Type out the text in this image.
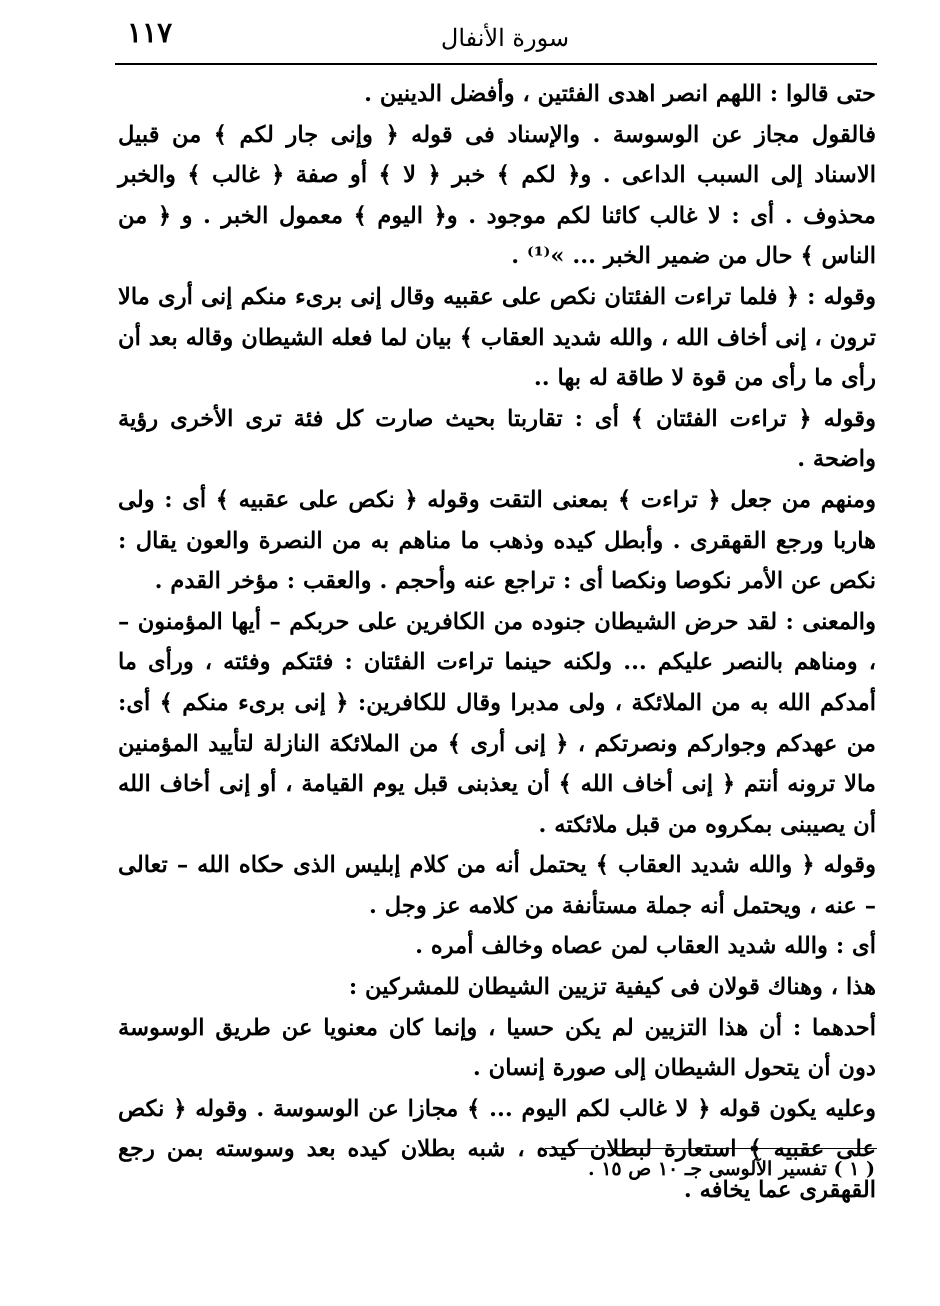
١١٧	سورة الأنفال

حتى قالوا : اللهم انصر اهدى الفئتين ، وأفضل الدينين .

فالقول مجاز عن الوسوسة . والإسناد فى قوله ﴿ وإنى جار لكم ﴾ من قبيل الاسناد إلى السبب الداعى . و﴿ لكم ﴾ خبر ﴿ لا ﴾ أو صفة ﴿ غالب ﴾ والخبر محذوف . أى : لا غالب كائنا لكم موجود . و﴿ اليوم ﴾ معمول الخبر . و ﴿ من الناس ﴾ حال من ضمير الخبر ... »⁽¹⁾ .

وقوله : ﴿ فلما تراءت الفئتان نكص على عقبيه وقال إنى برىء منكم إنى أرى مالا ترون ، إنى أخاف الله ، والله شديد العقاب ﴾ بيان لما فعله الشيطان وقاله بعد أن رأى ما رأى من قوة لا طاقة له بها ..

وقوله ﴿ تراءت الفئتان ﴾ أى : تقاربتا بحيث صارت كل فئة ترى الأخرى رؤية واضحة .

ومنهم من جعل ﴿ تراءت ﴾ بمعنى التقت وقوله ﴿ نكص على عقبيه ﴾ أى : ولى هاربا ورجع القهقرى . وأبطل كيده وذهب ما مناهم به من النصرة والعون يقال : نكص عن الأمر نكوصا ونكصا أى : تراجع عنه وأحجم . والعقب : مؤخر القدم .

والمعنى : لقد حرض الشيطان جنوده من الكافرين على حربكم – أيها المؤمنون – ، ومناهم بالنصر عليكم ... ولكنه حينما تراءت الفئتان : فئتكم وفئته ، ورأى ما أمدكم الله به من الملائكة ، ولى مدبرا وقال للكافرين: ﴿ إنى برىء منكم ﴾ أى: من عهدكم وجواركم ونصرتكم ، ﴿ إنى أرى ﴾ من الملائكة النازلة لتأييد المؤمنين مالا ترونه أنتم ﴿ إنى أخاف الله ﴾ أن يعذبنى قبل يوم القيامة ، أو إنى أخاف الله أن يصيبنى بمكروه من قبل ملائكته .

وقوله ﴿ والله شديد العقاب ﴾ يحتمل أنه من كلام إبليس الذى حكاه الله – تعالى – عنه ، ويحتمل أنه جملة مستأنفة من كلامه عز وجل .

أى : والله شديد العقاب لمن عصاه وخالف أمره .

هذا ، وهناك قولان فى كيفية تزيين الشيطان للمشركين :

أحدهما : أن هذا التزيين لم يكن حسيا ، وإنما كان معنويا عن طريق الوسوسة دون أن يتحول الشيطان إلى صورة إنسان .

وعليه يكون قوله ﴿ لا غالب لكم اليوم ... ﴾ مجازا عن الوسوسة . وقوله ﴿ نكص على عقبيه ﴾ استعارة لبطلان كيده ، شبه بطلان كيده بعد وسوسته بمن رجع القهقرى عما يخافه .

( ١ ) تفسير الآلوسى جـ ١٠ ص ١٥ .
